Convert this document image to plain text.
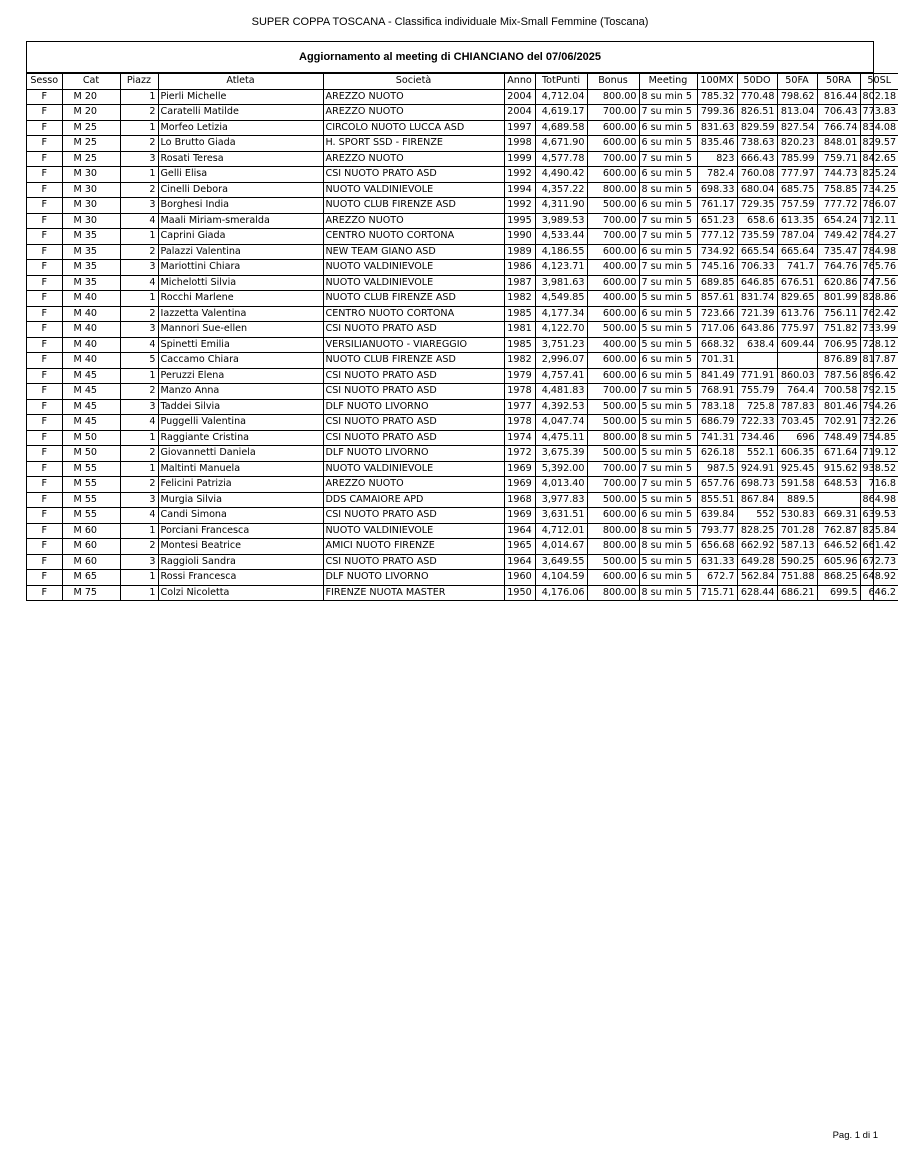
SUPER COPPA TOSCANA - Classifica individuale Mix-Small Femmine (Toscana)
Aggiornamento al meeting di CHIANCIANO del 07/06/2025
Sesso	Cat	Piazz	Atleta	Società	Anno	TotPunti	Bonus	Meeting	100MX	50DO	50FA	50RA	50SL
F	M 20	1	Pierli Michelle	AREZZO NUOTO	2004	4,712.04	800.00	8 su min 5	785.32	770.48	798.62	816.44	802.18
F	M 20	2	Caratelli Matilde	AREZZO NUOTO	2004	4,619.17	700.00	7 su min 5	799.36	826.51	813.04	706.43	773.83
F	M 25	1	Morfeo Letizia	CIRCOLO NUOTO LUCCA ASD	1997	4,689.58	600.00	6 su min 5	831.63	829.59	827.54	766.74	834.08
F	M 25	2	Lo Brutto Giada	H. SPORT SSD - FIRENZE	1998	4,671.90	600.00	6 su min 5	835.46	738.63	820.23	848.01	829.57
F	M 25	3	Rosati Teresa	AREZZO NUOTO	1999	4,577.78	700.00	7 su min 5	823	666.43	785.99	759.71	842.65
F	M 30	1	Gelli Elisa	CSI NUOTO PRATO ASD	1992	4,490.42	600.00	6 su min 5	782.4	760.08	777.97	744.73	825.24
F	M 30	2	Cinelli Debora	NUOTO VALDINIEVOLE	1994	4,357.22	800.00	8 su min 5	698.33	680.04	685.75	758.85	734.25
F	M 30	3	Borghesi India	NUOTO CLUB FIRENZE ASD	1992	4,311.90	500.00	6 su min 5	761.17	729.35	757.59	777.72	786.07
F	M 30	4	Maali Miriam-smeralda	AREZZO NUOTO	1995	3,989.53	700.00	7 su min 5	651.23	658.6	613.35	654.24	712.11
F	M 35	1	Caprini Giada	CENTRO NUOTO CORTONA	1990	4,533.44	700.00	7 su min 5	777.12	735.59	787.04	749.42	784.27
F	M 35	2	Palazzi Valentina	NEW TEAM GIANO ASD	1989	4,186.55	600.00	6 su min 5	734.92	665.54	665.64	735.47	784.98
F	M 35	3	Mariottini Chiara	NUOTO VALDINIEVOLE	1986	4,123.71	400.00	7 su min 5	745.16	706.33	741.7	764.76	765.76
F	M 35	4	Michelotti Silvia	NUOTO VALDINIEVOLE	1987	3,981.63	600.00	7 su min 5	689.85	646.85	676.51	620.86	747.56
F	M 40	1	Rocchi Marlene	NUOTO CLUB FIRENZE ASD	1982	4,549.85	400.00	5 su min 5	857.61	831.74	829.65	801.99	828.86
F	M 40	2	Iazzetta Valentina	CENTRO NUOTO CORTONA	1985	4,177.34	600.00	6 su min 5	723.66	721.39	613.76	756.11	762.42
F	M 40	3	Mannori Sue-ellen	CSI NUOTO PRATO ASD	1981	4,122.70	500.00	5 su min 5	717.06	643.86	775.97	751.82	733.99
F	M 40	4	Spinetti Emilia	VERSILIANUOTO - VIAREGGIO	1985	3,751.23	400.00	5 su min 5	668.32	638.4	609.44	706.95	728.12
F	M 40	5	Caccamo Chiara	NUOTO CLUB FIRENZE ASD	1982	2,996.07	600.00	6 su min 5	701.31			876.89	817.87
F	M 45	1	Peruzzi Elena	CSI NUOTO PRATO ASD	1979	4,757.41	600.00	6 su min 5	841.49	771.91	860.03	787.56	896.42
F	M 45	2	Manzo Anna	CSI NUOTO PRATO ASD	1978	4,481.83	700.00	7 su min 5	768.91	755.79	764.4	700.58	792.15
F	M 45	3	Taddei Silvia	DLF NUOTO LIVORNO	1977	4,392.53	500.00	5 su min 5	783.18	725.8	787.83	801.46	794.26
F	M 45	4	Puggelli Valentina	CSI NUOTO PRATO ASD	1978	4,047.74	500.00	5 su min 5	686.79	722.33	703.45	702.91	732.26
F	M 50	1	Raggiante Cristina	CSI NUOTO PRATO ASD	1974	4,475.11	800.00	8 su min 5	741.31	734.46	696	748.49	754.85
F	M 50	2	Giovannetti Daniela	DLF NUOTO LIVORNO	1972	3,675.39	500.00	5 su min 5	626.18	552.1	606.35	671.64	719.12
F	M 55	1	Maltinti Manuela	NUOTO VALDINIEVOLE	1969	5,392.00	700.00	7 su min 5	987.5	924.91	925.45	915.62	938.52
F	M 55	2	Felicini Patrizia	AREZZO NUOTO	1969	4,013.40	700.00	7 su min 5	657.76	698.73	591.58	648.53	716.8
F	M 55	3	Murgia Silvia	DDS CAMAIORE APD	1968	3,977.83	500.00	5 su min 5	855.51	867.84	889.5		864.98
F	M 55	4	Candi Simona	CSI NUOTO PRATO ASD	1969	3,631.51	600.00	6 su min 5	639.84	552	530.83	669.31	639.53
F	M 60	1	Porciani Francesca	NUOTO VALDINIEVOLE	1964	4,712.01	800.00	8 su min 5	793.77	828.25	701.28	762.87	825.84
F	M 60	2	Montesi Beatrice	AMICI NUOTO FIRENZE	1965	4,014.67	800.00	8 su min 5	656.68	662.92	587.13	646.52	661.42
F	M 60	3	Raggioli Sandra	CSI NUOTO PRATO ASD	1964	3,649.55	500.00	5 su min 5	631.33	649.28	590.25	605.96	672.73
F	M 65	1	Rossi Francesca	DLF NUOTO LIVORNO	1960	4,104.59	600.00	6 su min 5	672.7	562.84	751.88	868.25	648.92
F	M 75	1	Colzi Nicoletta	FIRENZE NUOTA MASTER	1950	4,176.06	800.00	8 su min 5	715.71	628.44	686.21	699.5	646.2
Pag. 1 di 1
